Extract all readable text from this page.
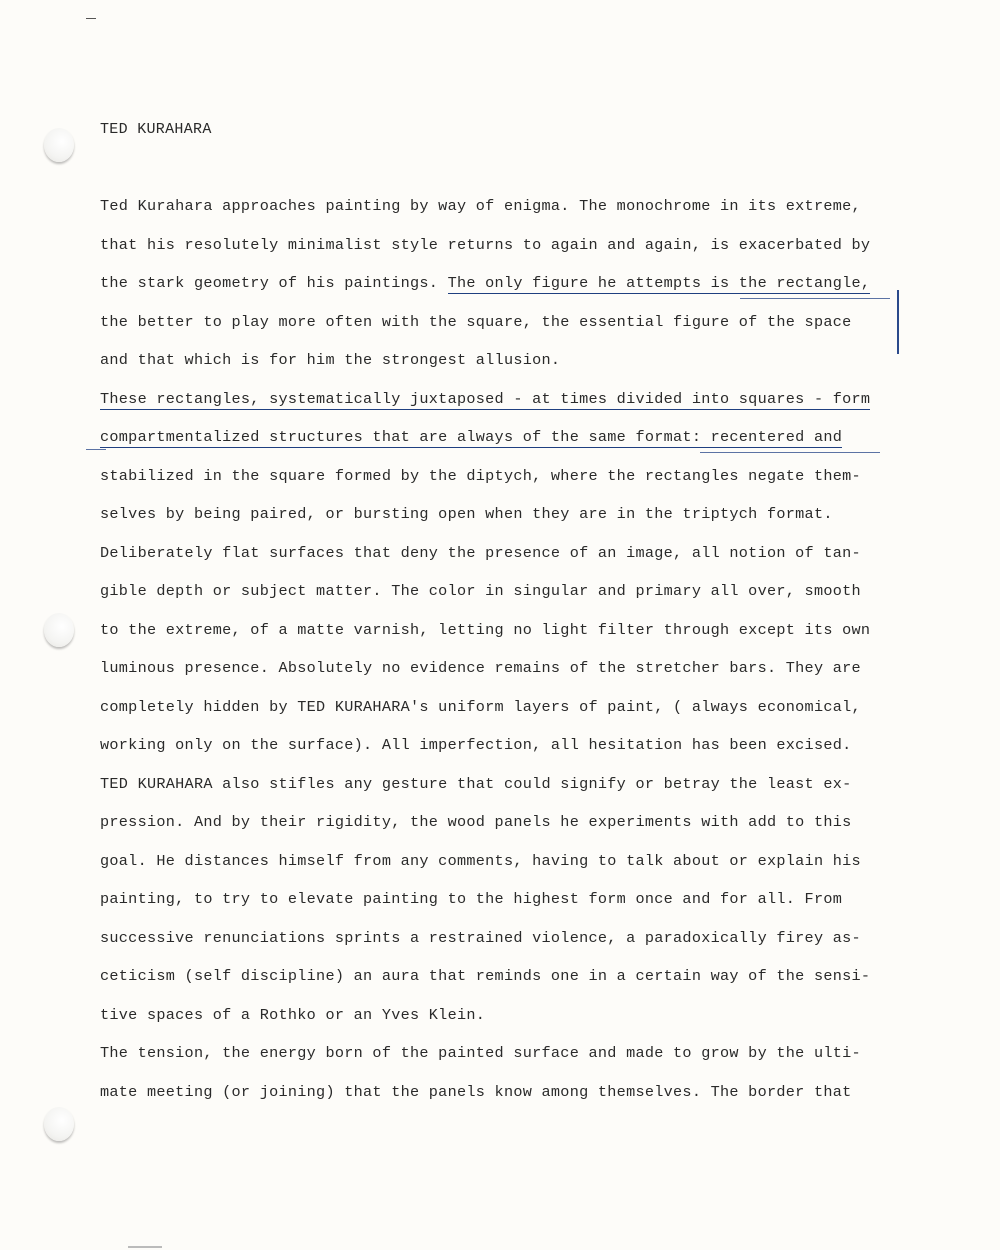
TED KURAHARA
Ted Kurahara approaches painting by way of enigma. The monochrome in its extreme,
that his resolutely minimalist style returns to again and again, is exacerbated by
the stark geometry of his paintings. The only figure he attempts is the rectangle,
the better to play more often with the square, the essential figure of the space
and that which is for him the strongest allusion.
These rectangles, systematically juxtaposed - at times divided into squares - form
compartmentalized structures that are always of the same format: recentered and
stabilized in the square formed by the diptych, where the rectangles negate them-
selves by being paired, or bursting open when they are in the triptych format.
Deliberately flat surfaces that deny the presence of an image, all notion of tan-
gible depth or subject matter. The color in singular and primary all over, smooth
to the extreme, of a matte varnish, letting no light filter through except its own
luminous presence. Absolutely no evidence remains of the stretcher bars. They are
completely hidden by TED KURAHARA's uniform layers of paint, ( always economical,
working only on the surface). All imperfection, all hesitation has been excised.
TED KURAHARA also stifles any gesture that could signify or betray the least ex-
pression. And by their rigidity, the wood panels he experiments with add to this
goal. He distances himself from any comments, having to talk about or explain his
painting, to try to elevate painting to the highest form once and for all. From
successive renunciations sprints a restrained violence, a paradoxically firey as-
ceticism (self discipline) an aura that reminds one in a certain way of the sensi-
tive spaces of a Rothko or an Yves Klein.
The tension, the energy born of the painted surface and made to grow by the ulti-
mate meeting (or joining) that the panels know among themselves. The border that
